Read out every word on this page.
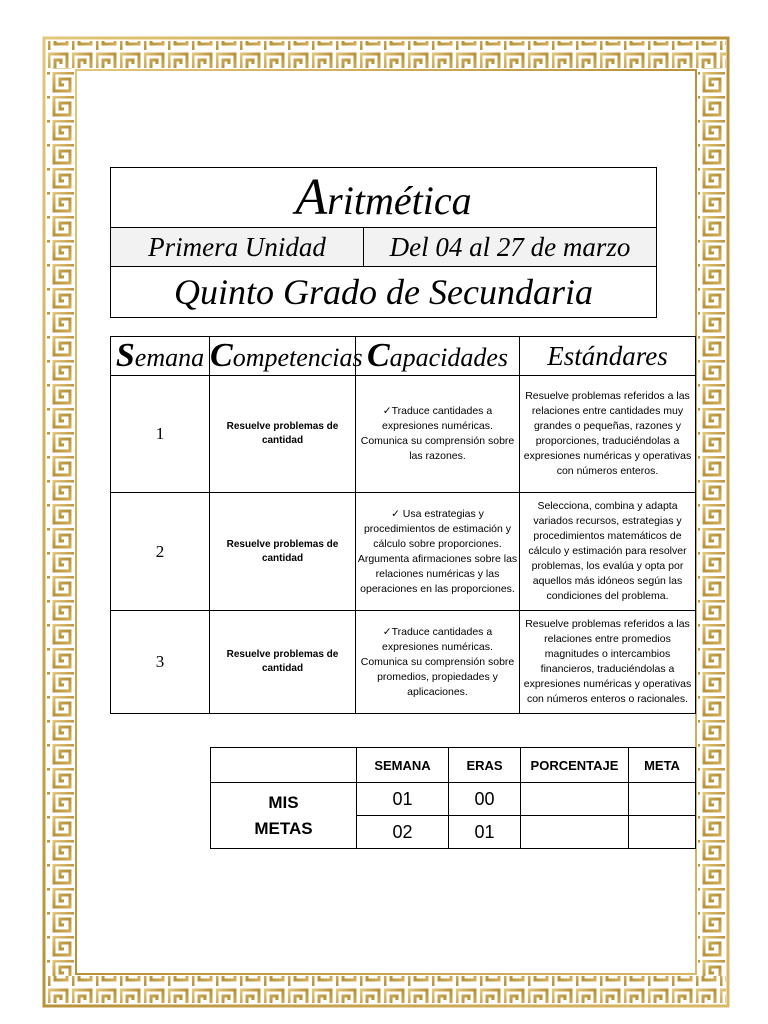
Aritmética
Primera Unidad	Del 04 al 27 de marzo
Quinto Grado de Secundaria
Semana	Competencias	Capacidades	Estándares
1	Resuelve problemas de cantidad	✓Traduce cantidades a expresiones numéricas.
Comunica su comprensión sobre las razones.	Resuelve problemas referidos a las relaciones entre cantidades muy grandes o pequeñas, razones y proporciones, traduciéndolas a expresiones numéricas y operativas con números enteros.
2	Resuelve problemas de cantidad	✓ Usa estrategias y procedimientos de estimación y cálculo sobre proporciones.
Argumenta afirmaciones sobre las relaciones numéricas y las operaciones en las proporciones.	Selecciona, combina y adapta variados recursos, estrategias y procedimientos matemáticos de cálculo y estimación para resolver problemas, los evalúa y opta por aquellos más idóneos según las condiciones del problema.
3	Resuelve problemas de cantidad	✓Traduce cantidades a expresiones numéricas.
Comunica su comprensión sobre promedios, propiedades y aplicaciones.	Resuelve problemas referidos a las relaciones entre promedios magnitudes o intercambios financieros, traduciéndolas a expresiones numéricas y operativas con números enteros o racionales.
	SEMANA	ERAS	PORCENTAJE	META

MIS
METAS	01	00		
	02	01		
